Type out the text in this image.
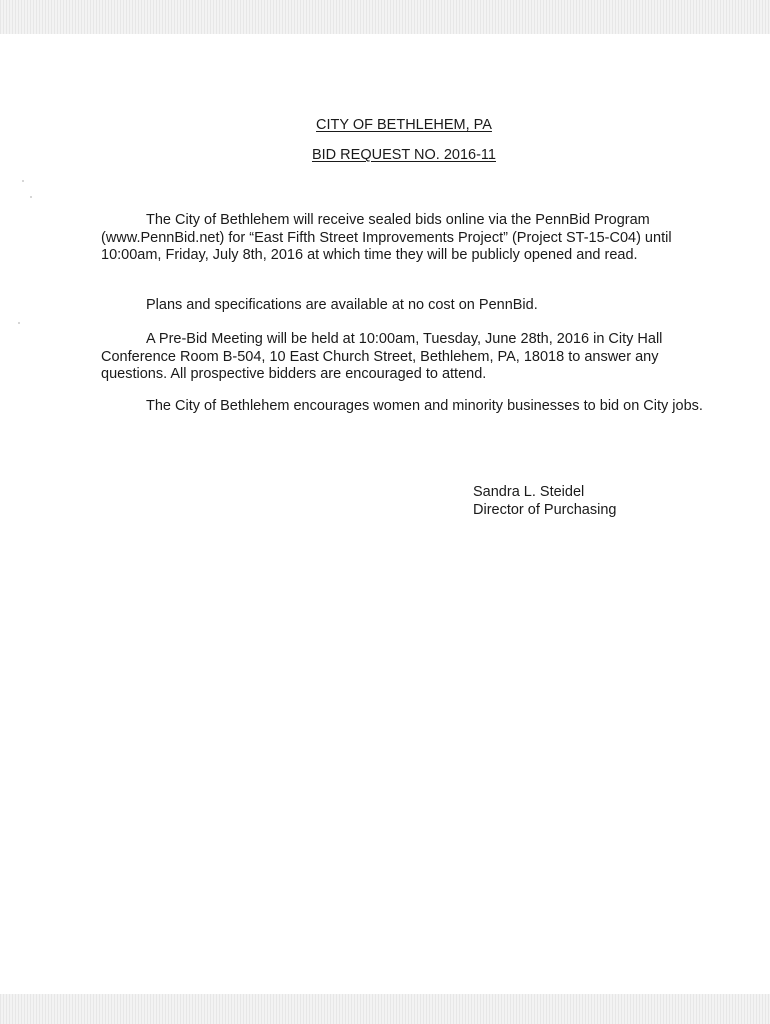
CITY OF BETHLEHEM, PA
BID REQUEST NO. 2016-11

The City of Bethlehem will receive sealed bids online via the PennBid Program (www.PennBid.net) for “East Fifth Street Improvements Project” (Project ST-15-C04) until 10:00am, Friday, July 8th, 2016 at which time they will be publicly opened and read.

Plans and specifications are available at no cost on PennBid.

A Pre-Bid Meeting will be held at 10:00am, Tuesday, June 28th, 2016 in City Hall Conference Room B-504, 10 East Church Street, Bethlehem, PA, 18018 to answer any questions. All prospective bidders are encouraged to attend.

The City of Bethlehem encourages women and minority businesses to bid on City jobs.

Sandra L. Steidel
Director of Purchasing
